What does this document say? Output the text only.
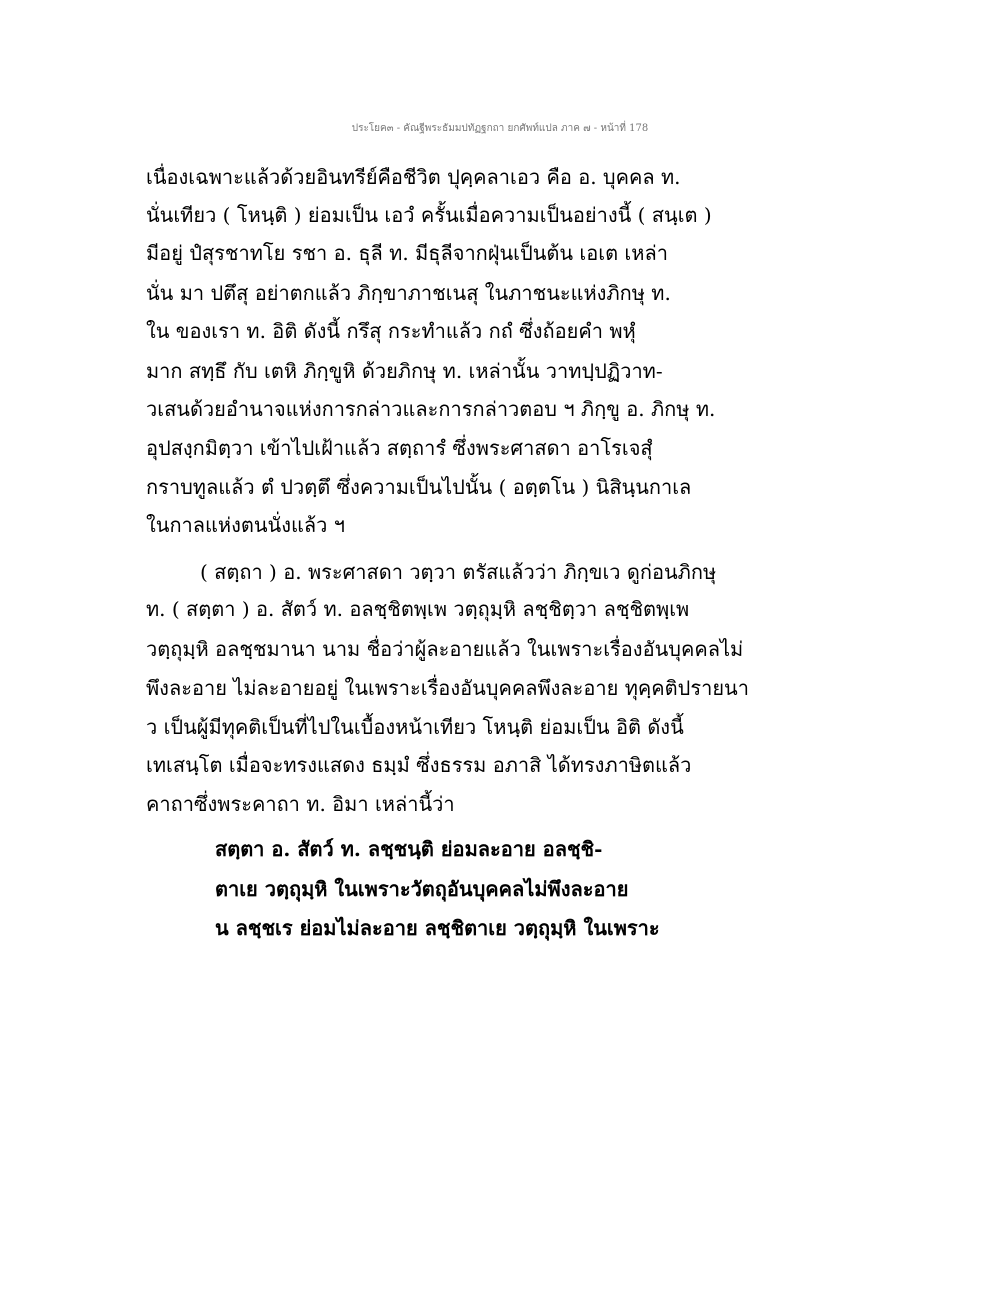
ประโยค๓ - คัณฐีพระธัมมปทัฏฐกถา ยกศัพท์แปล ภาค ๗ - หน้าที่ 178
เนื่องเฉพาะแล้วด้วยอินทรีย์คือชีวิต ปุคฺคลาเอว คือ อ. บุคคล ท.
นั่นเทียว ( โหนฺติ ) ย่อมเป็น เอวํ ครั้นเมื่อความเป็นอย่างนี้ ( สนฺเต )
มีอยู่ ปํสุรชาทโย รชา อ. ธุลี ท. มีธุลีจากฝุ่นเป็นต้น เอเต เหล่า
นั่น มา ปตึสุ อย่าตกแล้ว ภิกฺขาภาชเนสุ ในภาชนะแห่งภิกษุ ท.
ใน ของเรา ท. อิติ ดังนี้ กรึสุ กระทำแล้ว กถํ ซึ่งถ้อยคำ พหุํ
มาก สทฺธึ กับ เตหิ ภิกฺขูหิ ด้วยภิกษุ ท. เหล่านั้น วาทปฺปฏิวาท-
วเสนด้วยอำนาจแห่งการกล่าวและการกล่าวตอบ ฯ ภิกฺขู อ. ภิกษุ ท.
อุปสงฺกมิตฺวา เข้าไปเฝ้าแล้ว สตฺถารํ ซึ่งพระศาสดา อาโรเจสุํ
กราบทูลแล้ว ตํ ปวตฺตึ ซึ่งความเป็นไปนั้น ( อตฺตโน ) นิสินฺนกาเล
ในกาลแห่งตนนั่งแล้ว ฯ
( สตฺถา ) อ. พระศาสดา วตฺวา ตรัสแล้วว่า ภิกฺขเว ดูก่อนภิกษุ
ท. ( สตฺตา ) อ. สัตว์ ท. อลชฺชิตพฺเพ วตฺถุมฺหิ ลชฺชิตฺวา ลชฺชิตพฺเพ
วตฺถุมฺหิ อลชฺชมานา นาม ชื่อว่าผู้ละอายแล้ว ในเพราะเรื่องอันบุคคลไม่
พึงละอาย ไม่ละอายอยู่ ในเพราะเรื่องอันบุคคลพึงละอาย ทุคฺคติปรายนา
ว เป็นผู้มีทุคติเป็นที่ไปในเบื้องหน้าเทียว โหนฺติ ย่อมเป็น อิติ ดังนี้
เทเสนฺโต เมื่อจะทรงแสดง ธมฺมํ ซึ่งธรรม อภาสิ ได้ทรงภาษิตแล้ว
คาถาซึ่งพระคาถา ท. อิมา เหล่านี้ว่า
สตฺตา อ. สัตว์ ท. ลชฺชนฺติ ย่อมละอาย อลชฺชิ-
ตาเย วตฺถุมฺหิ ในเพราะวัตถุอันบุคคลไม่พึงละอาย
น ลชฺชเร ย่อมไม่ละอาย ลชฺชิตาเย วตฺถุมฺหิ ในเพราะ
